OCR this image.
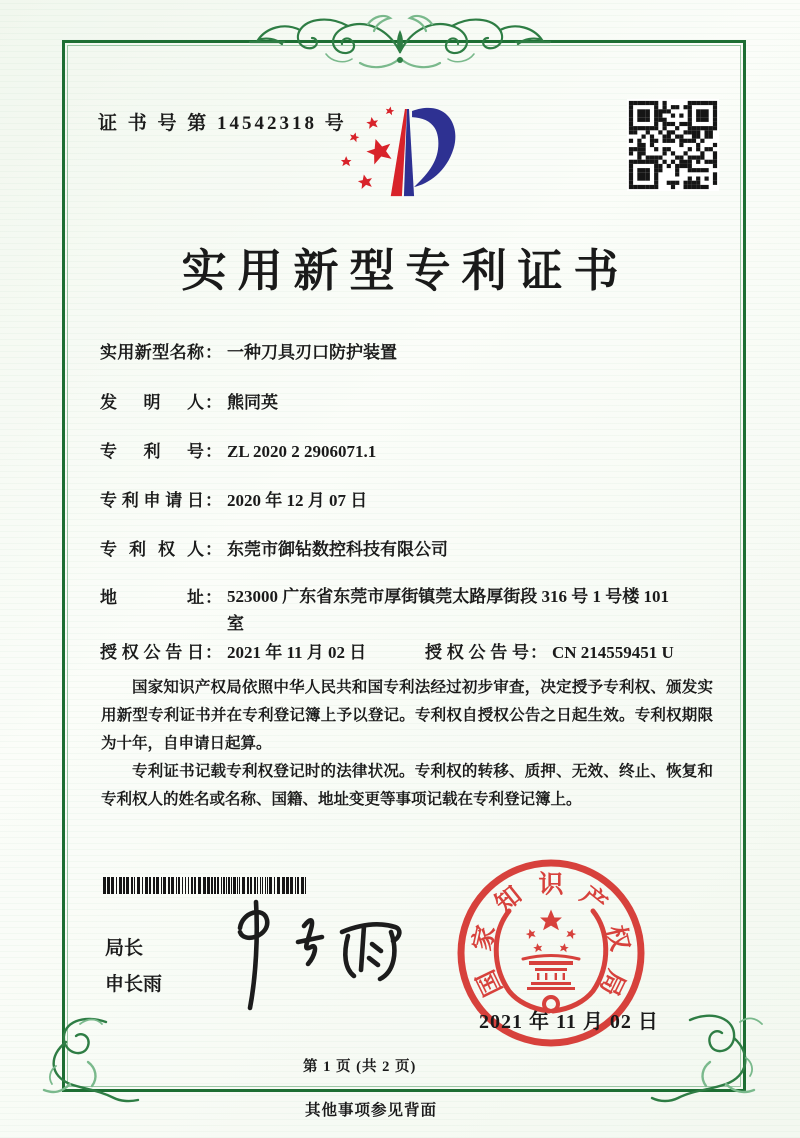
证 书 号 第 14542318 号
实用新型专利证书
实用新型名称： 一种刀具刃口防护装置
发明人： 熊同英
专利号： ZL 2020 2 2906071.1
专利申请日： 2020 年 12 月 07 日
专利权人： 东莞市御钻数控科技有限公司
地址： 523000 广东省东莞市厚街镇莞太路厚街段 316 号 1 号楼 101 室
授权公告日： 2021 年 11 月 02 日	授权公告号： CN 214559451 U

国家知识产权局依照中华人民共和国专利法经过初步审查，决定授予专利权、颁发实用新型专利证书并在专利登记簿上予以登记。专利权自授权公告之日起生效。专利权期限为十年，自申请日起算。

专利证书记载专利权登记时的法律状况。专利权的转移、质押、无效、终止、恢复和专利权人的姓名或名称、国籍、地址变更等事项记载在专利登记簿上。

局长
申长雨	国
家
知 识 产
权
局
2021 年 11 月 02 日
第 1 页 (共 2 页)
其他事项参见背面
